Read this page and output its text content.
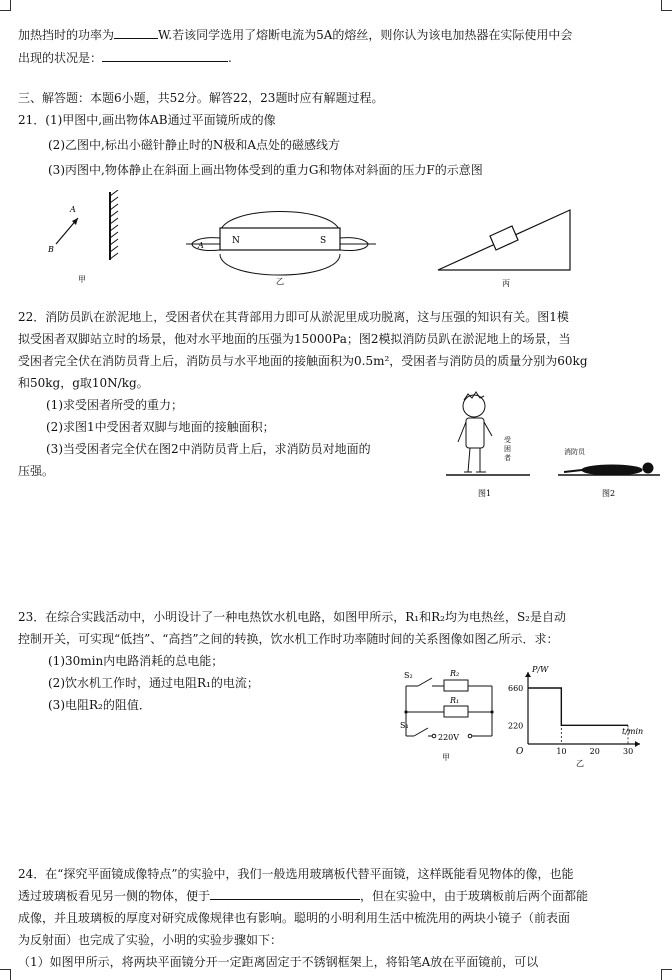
加热挡时的功率为	W.若该同学选用了熔断电流为5A的熔丝，则你认为该电加热器在实际使用中会
出现的状况是：	.
三、解答题：本题6小题，共52分。解答22，23题时应有解题过程。
21．(1)甲图中,画出物体AB通过平面镜所成的像
(2)乙图中,标出小磁针静止时的N极和A点处的磁感线方
(3)丙图中,物体静止在斜面上画出物体受到的重力G和物体对斜面的压力F的示意图
A
B
甲
N	S
A
乙	丙
22．消防员趴在淤泥地上，受困者伏在其背部用力即可从淤泥里成功脱离，这与压强的知识有关。图1模
拟受困者双脚站立时的场景，他对水平地面的压强为15000Pa；图2模拟消防员趴在淤泥地上的场景，当
受困者完全伏在消防员背上后，消防员与水平地面的接触面积为0.5m²，受困者与消防员的质量分别为60kg
和50kg，g取10N/kg。
(1)求受困者所受的重力；
(2)求图1中受困者双脚与地面的接触面积；
(3)当受困者完全伏在图2中消防员背上后，求消防员对地面的
压强。
受困者
图1
消防员
图2
23．在综合实践活动中，小明设计了一种电热饮水机电路，如图甲所示，R₁和R₂均为电热丝，S₂是自动
控制开关，可实现“低挡”、“高挡”之间的转换，饮水机工作时功率随时间的关系图像如图乙所示．求：
(1)30min内电路消耗的总电能；
(2)饮水机工作时，通过电阻R₁的电流；
(3)电阻R₂的阻值．
S₂	R₂
R₁
S₁
220V
甲
P/W
t/min
O
乙
660
220
10	20	30
24．在“探究平面镜成像特点”的实验中，我们一般选用玻璃板代替平面镜，这样既能看见物体的像，也能
透过玻璃板看见另一侧的物体，便于	，但在实验中，由于玻璃板前后两个面都能
成像，并且玻璃板的厚度对研究成像规律也有影响。聪明的小明利用生活中梳洗用的两块小镜子（前表面
为反射面）也完成了实验，小明的实验步骤如下：
（1）如图甲所示，将两块平面镜分开一定距离固定于不锈钢框架上，将铅笔A放在平面镜前，可以
